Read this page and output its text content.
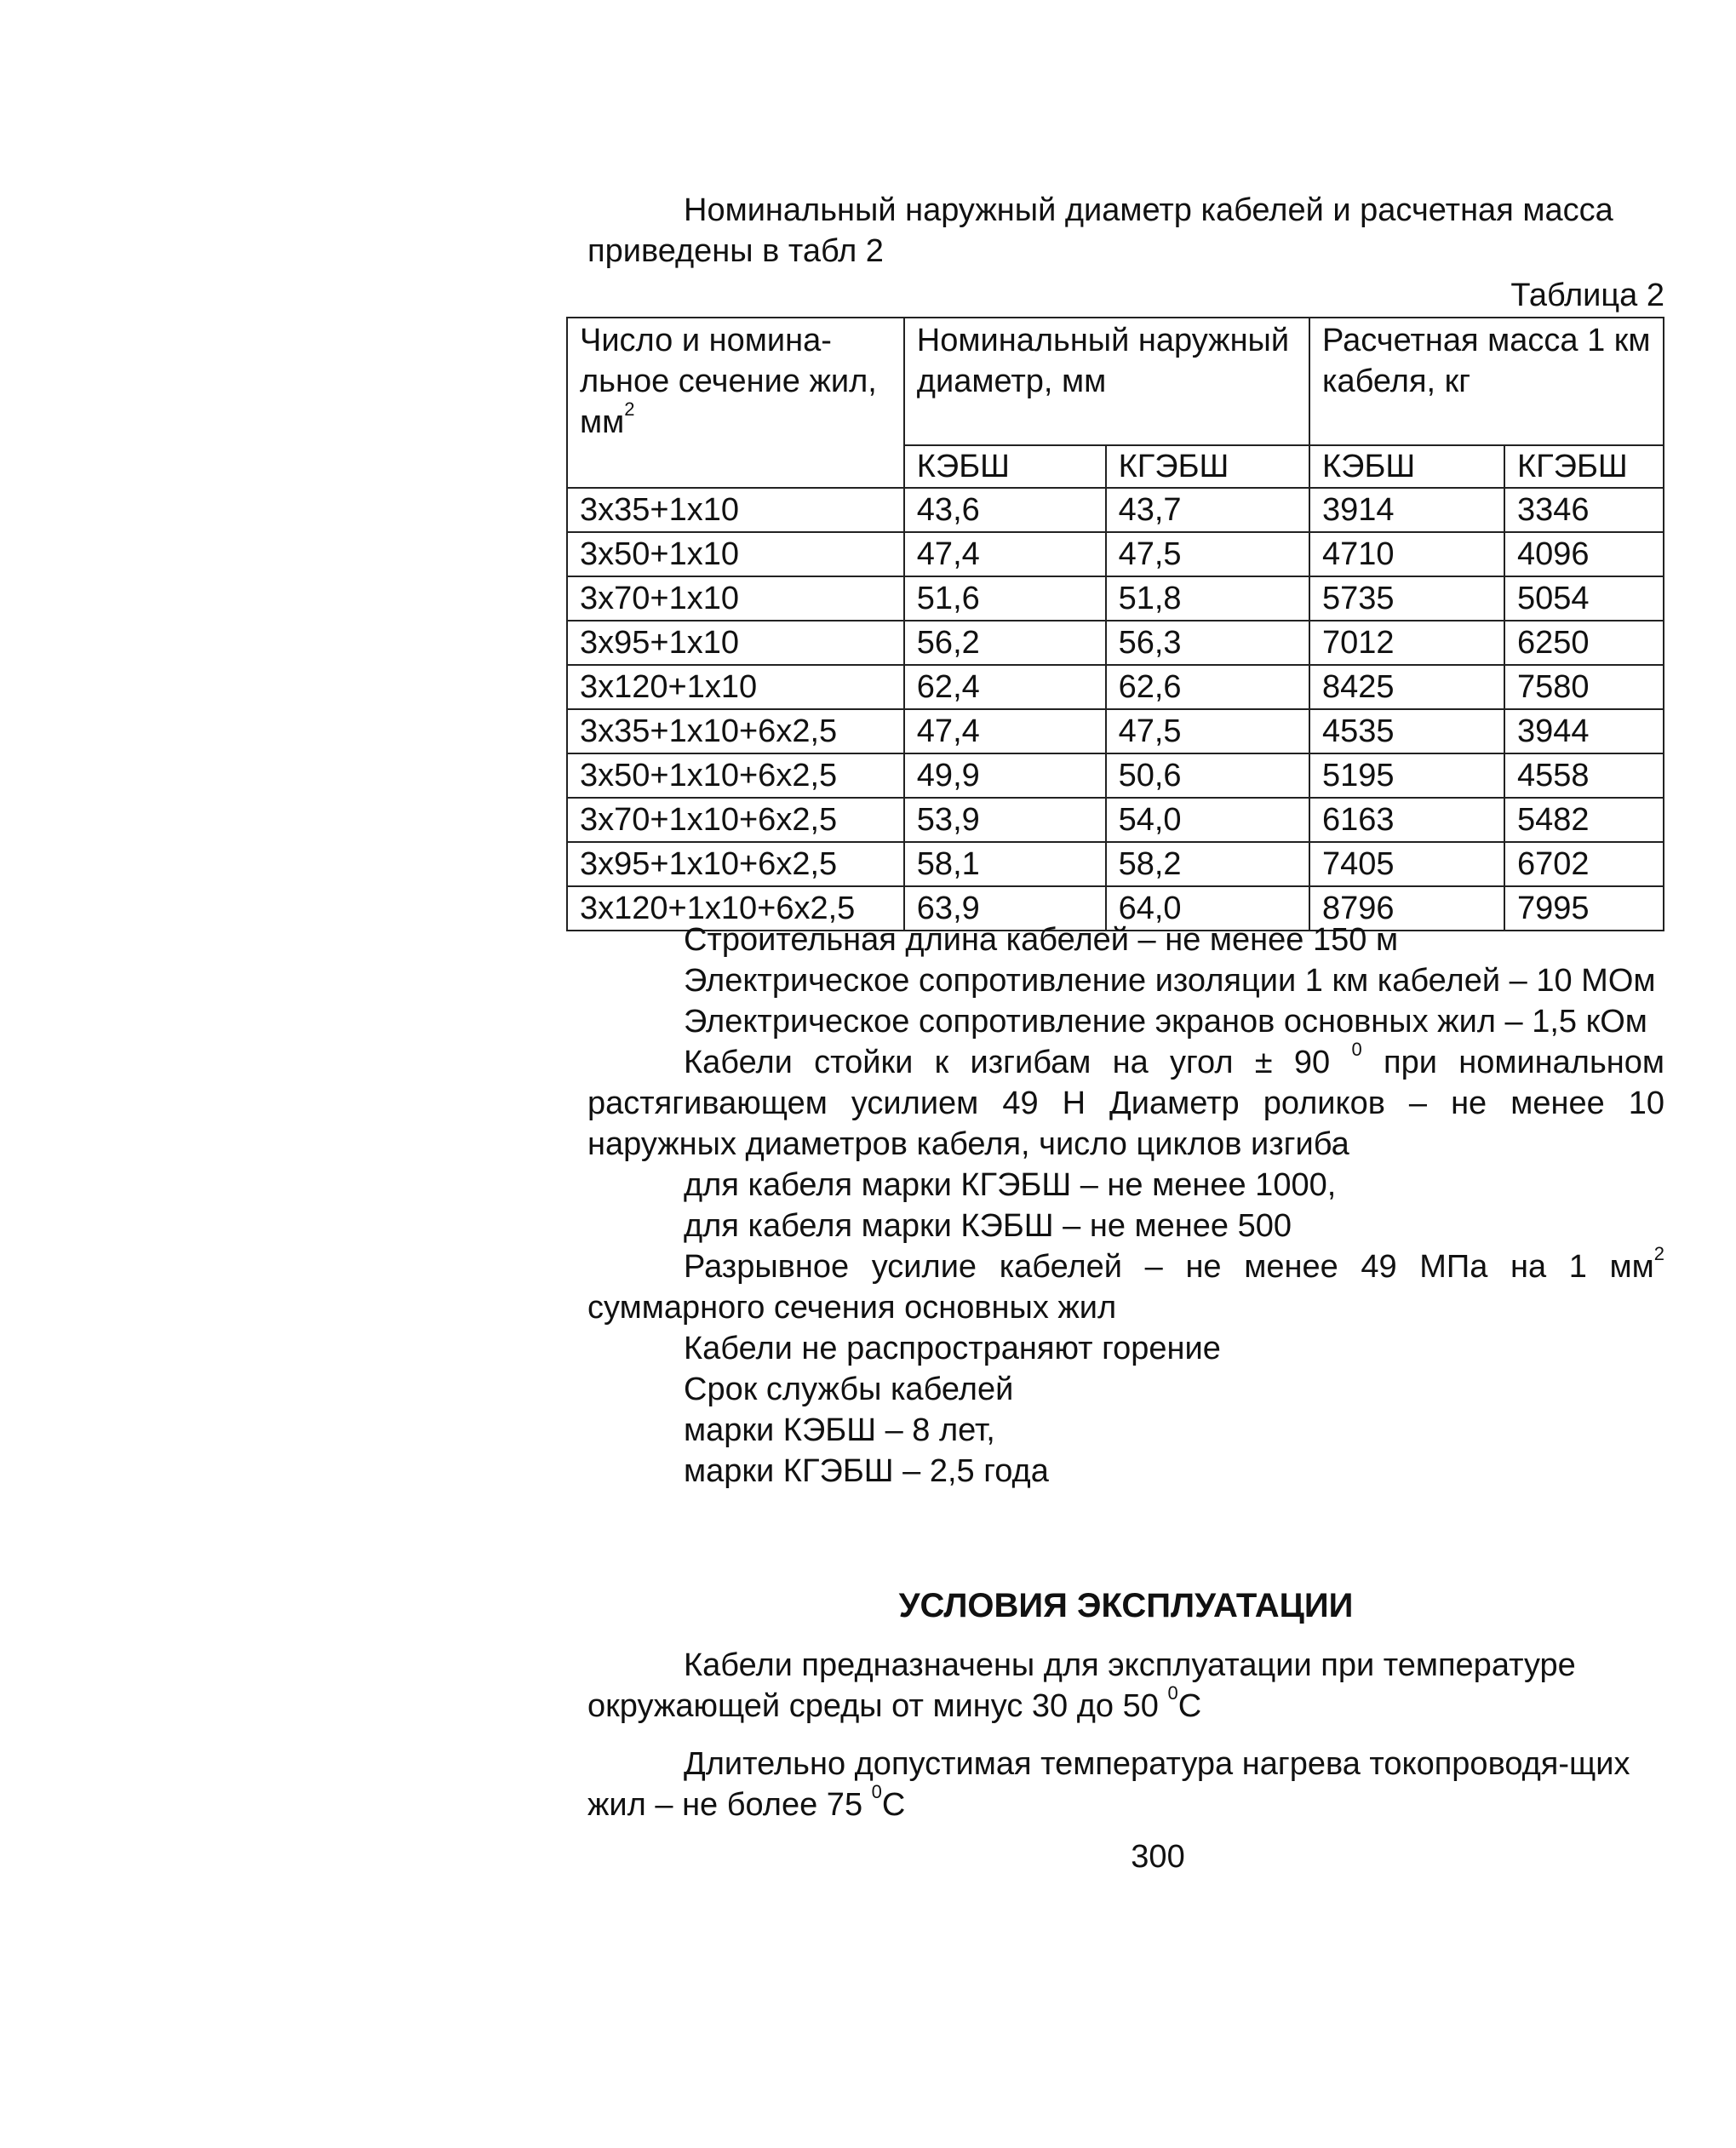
Номинальный наружный диаметр кабелей и расчетная масса приведены в табл 2

Таблица 2
Число и номина-льное сечение жил, $мм^2$	Номинальный наружный диаметр, мм		Расчетная масса 1 км кабеля, кг	
	КЭБШ	КГЭБШ	КЭБШ	КГЭБШ
3х35+1х10	43,6	43,7	3914	3346
3х50+1х10	47,4	47,5	4710	4096
3х70+1х10	51,6	51,8	5735	5054
3х95+1х10	56,2	56,3	7012	6250
3х120+1х10	62,4	62,6	8425	7580
3х35+1х10+6х2,5	47,4	47,5	4535	3944
3х50+1х10+6х2,5	49,9	50,6	5195	4558
3х70+1х10+6х2,5	53,9	54,0	6163	5482
3х95+1х10+6х2,5	58,1	58,2	7405	6702
3х120+1х10+6х2,5	63,9	64,0	8796	7995

Строительная длина кабелей – не менее 150 м

Электрическое сопротивление изоляции 1 км кабелей – 10 МОм

Электрическое сопротивление экранов основных жил – 1,5 кОм

Кабели стойки к изгибам на угол ± 90 $^0$ при номинальном растягивающем усилием 49 Н Диаметр роликов – не менее 10 наружных диаметров кабеля, число циклов изгиба

для кабеля марки КГЭБШ – не менее 1000,

для кабеля марки КЭБШ – не менее 500

Разрывное усилие кабелей – не менее 49 МПа на 1 $мм^2$ суммарного сечения основных жил

Кабели не распространяют горение

Срок службы кабелей

марки КЭБШ – 8 лет,

марки КГЭБШ – 2,5 года

УСЛОВИЯ ЭКСПЛУАТАЦИИ

Кабели предназначены для эксплуатации при температуре окружающей среды от минус 30 до 50 $^0$С

Длительно допустимая температура нагрева токопроводя-щих жил – не более 75 $^0$С

300
